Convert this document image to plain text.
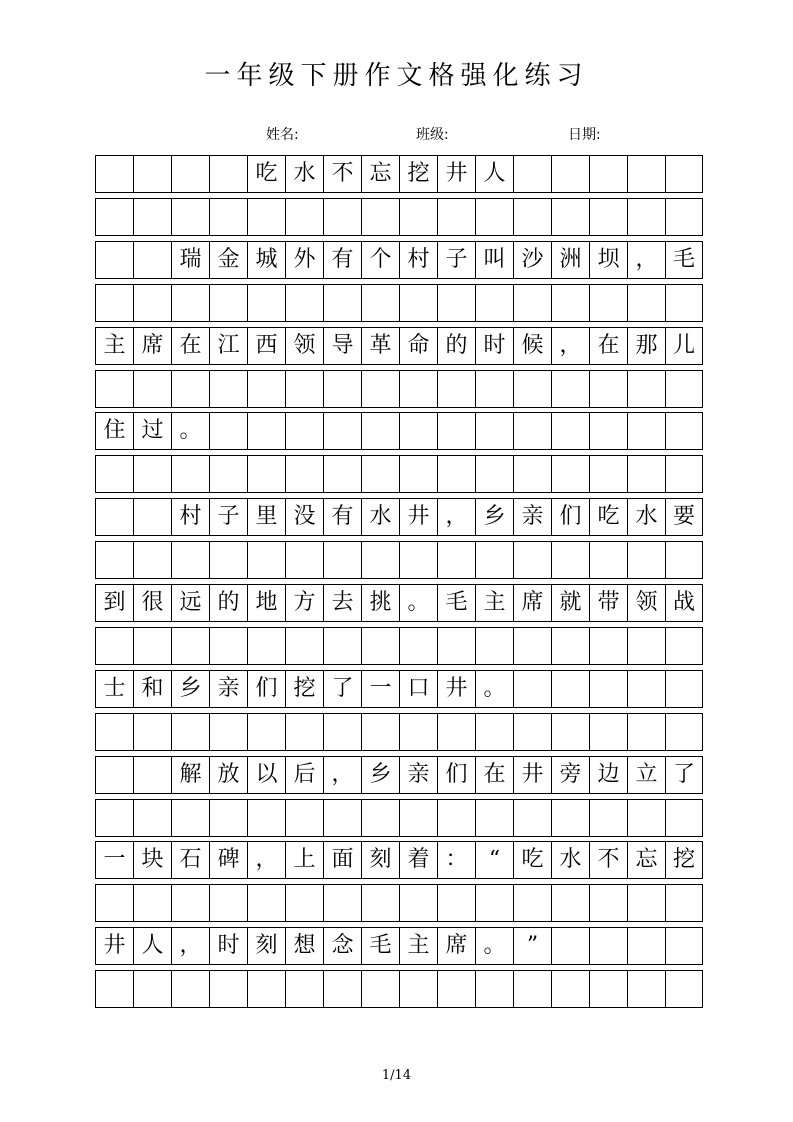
一年级下册作文格强化练习
姓名:	班级:	日期:
吃 水 不 忘 挖 井 人
瑞 金 城 外 有 个 村 子 叫 沙 洲 坝 ， 毛
主 席 在 江 西 领 导 革 命 的 时 候 ， 在 那 儿
住 过 。
村 子 里 没 有 水 井 ， 乡 亲 们 吃 水 要
到 很 远 的 地 方 去 挑 。 毛 主 席 就 带 领 战
士 和 乡 亲 们 挖 了 一 口 井 。
解 放 以 后 ， 乡 亲 们 在 井 旁 边 立 了
一 块 石 碑 ， 上 面 刻 着 ： “ 吃 水 不 忘 挖
井 人 ， 时 刻 想 念 毛 主 席 。 ”
1/14
